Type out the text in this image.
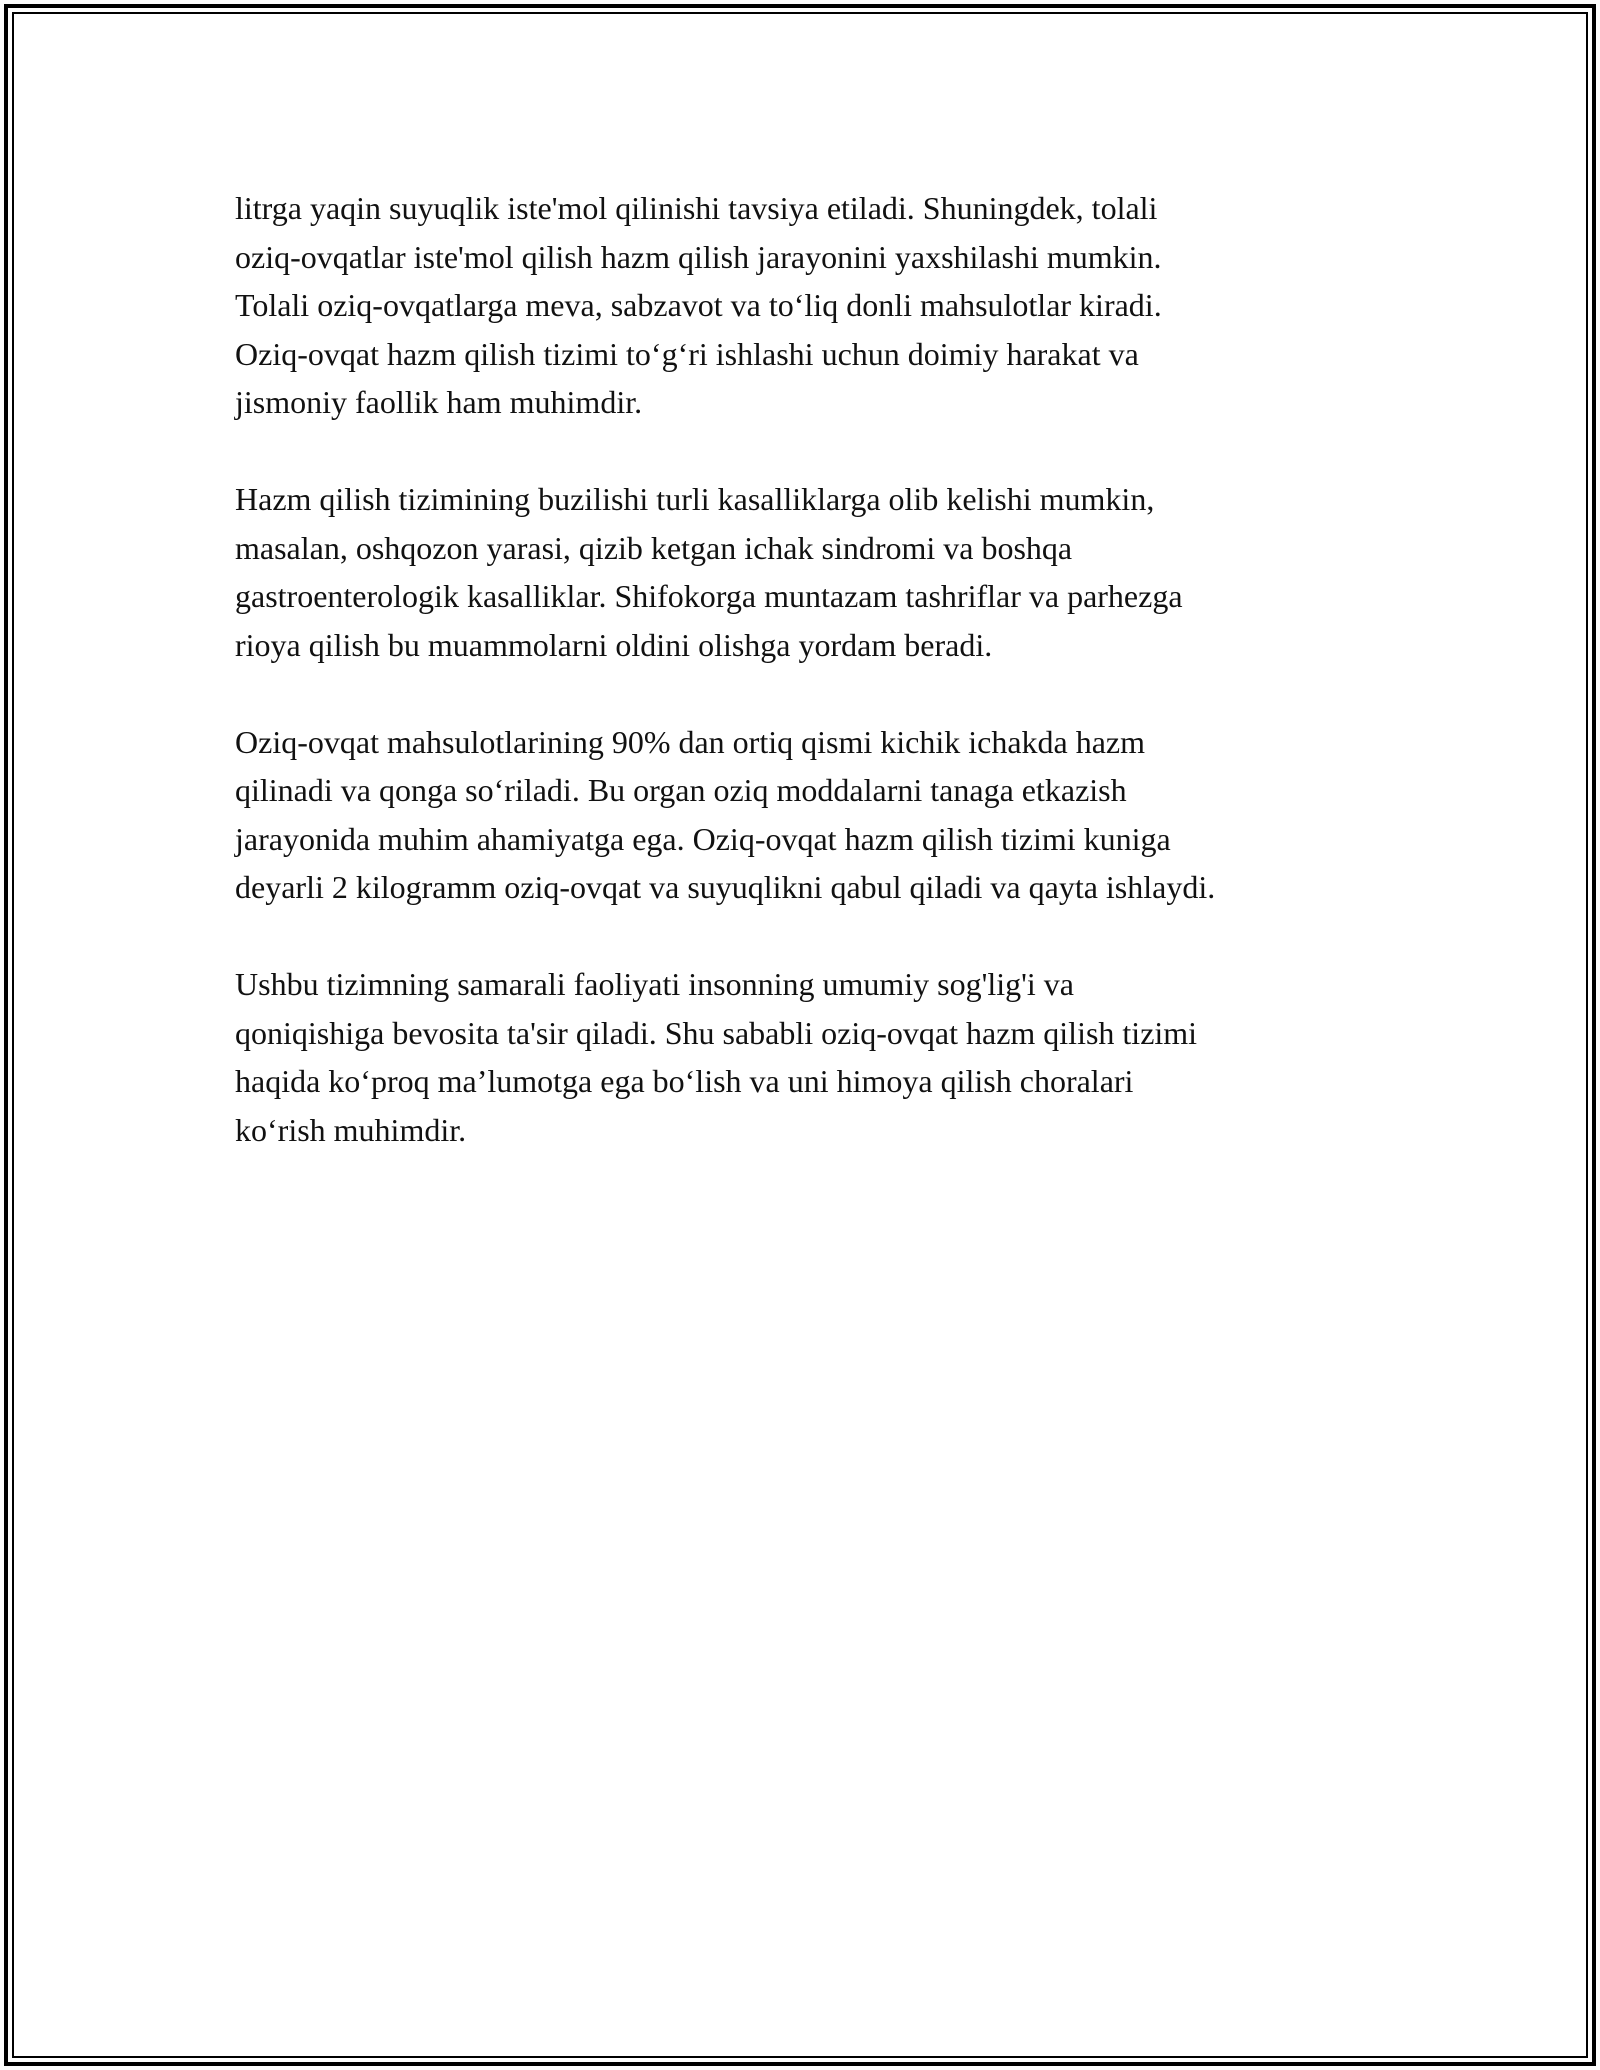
litrga yaqin suyuqlik iste'mol qilinishi tavsiya etiladi. Shuningdek, tolali
oziq-ovqatlar iste'mol qilish hazm qilish jarayonini yaxshilashi mumkin.
Tolali oziq-ovqatlarga meva, sabzavot va to‘liq donli mahsulotlar kiradi.
Oziq-ovqat hazm qilish tizimi to‘g‘ri ishlashi uchun doimiy harakat va
jismoniy faollik ham muhimdir.

Hazm qilish tizimining buzilishi turli kasalliklarga olib kelishi mumkin,
masalan, oshqozon yarasi, qizib ketgan ichak sindromi va boshqa
gastroenterologik kasalliklar. Shifokorga muntazam tashriflar va parhezga
rioya qilish bu muammolarni oldini olishga yordam beradi.

Oziq-ovqat mahsulotlarining 90% dan ortiq qismi kichik ichakda hazm
qilinadi va qonga so‘riladi. Bu organ oziq moddalarni tanaga etkazish
jarayonida muhim ahamiyatga ega. Oziq-ovqat hazm qilish tizimi kuniga
deyarli 2 kilogramm oziq-ovqat va suyuqlikni qabul qiladi va qayta ishlaydi.

Ushbu tizimning samarali faoliyati insonning umumiy sog'lig'i va
qoniqishiga bevosita ta'sir qiladi. Shu sababli oziq-ovqat hazm qilish tizimi
haqida ko‘proq ma’lumotga ega bo‘lish va uni himoya qilish choralari
ko‘rish muhimdir.
